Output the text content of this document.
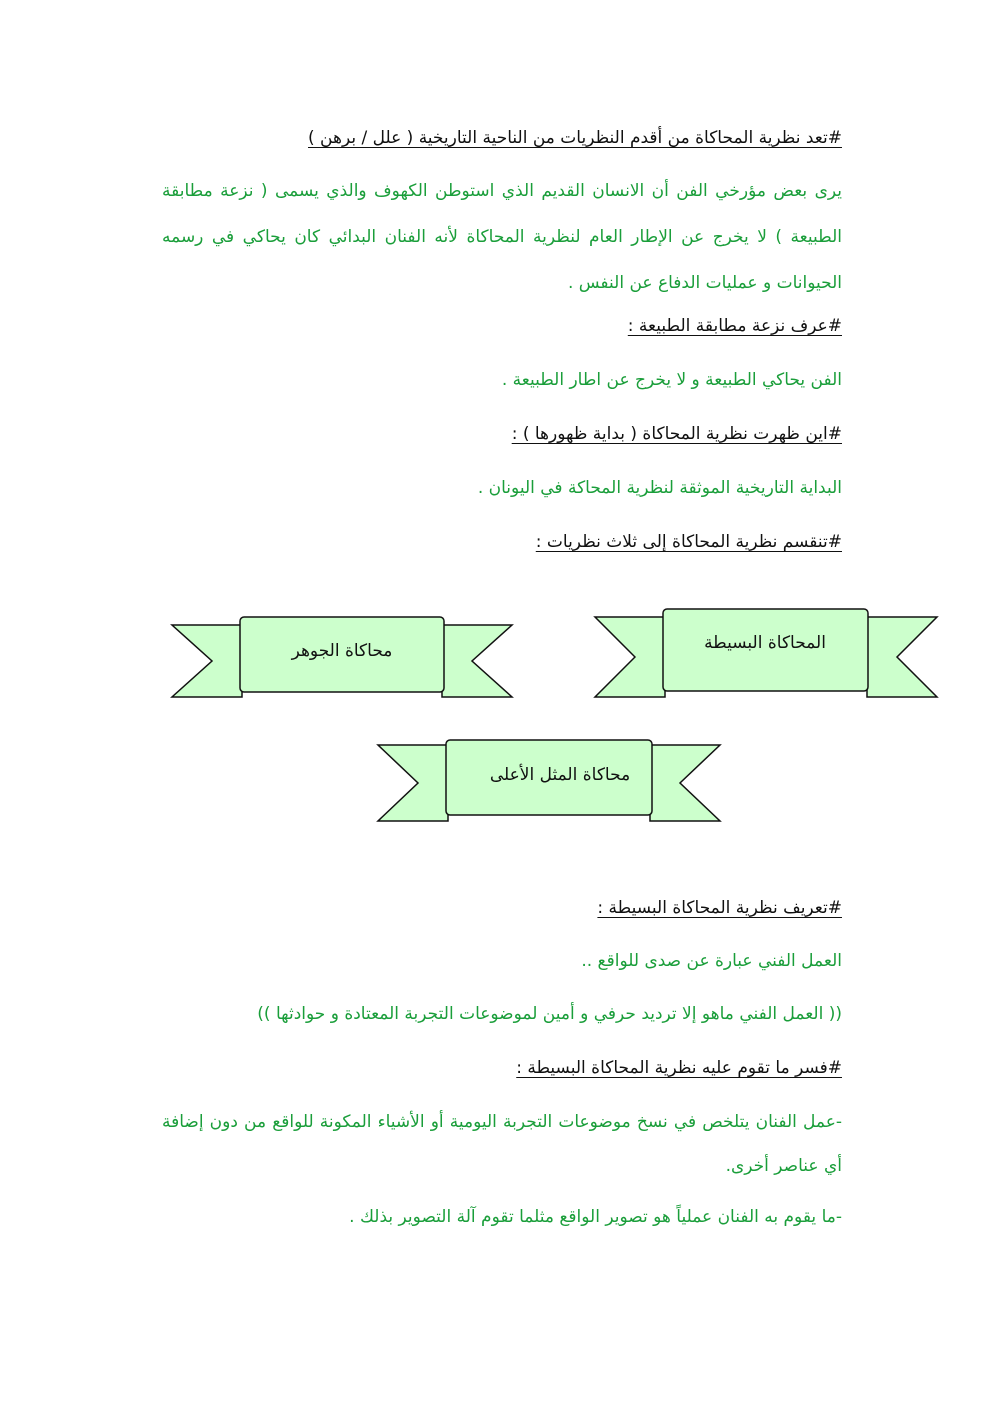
#تعد نظرية المحاكاة من أقدم النظريات من الناحية التاريخية ( علل / برهن )
يرى بعض مؤرخي الفن أن الانسان القديم الذي استوطن الكهوف والذي يسمى ( نزعة مطابقة الطبيعة ) لا يخرج عن الإطار العام لنظرية المحاكاة لأنه الفنان البدائي كان يحاكي في رسمه الحيوانات و عمليات الدفاع عن النفس .
#عرف نزعة مطابقة الطبيعة :
الفن يحاكي الطبيعة و لا يخرج عن اطار الطبيعة .
#اين ظهرت نظرية المحاكاة ( بداية ظهورها ) :
البداية التاريخية الموثقة لنظرية المحاكة في اليونان .
#تنقسم نظرية المحاكاة إلى ثلاث نظريات :
المحاكاة البسيطة
محاكاة الجوهر
محاكاة المثل الأعلى
#تعريف نظرية المحاكاة البسيطة :
العمل الفني عبارة عن صدى للواقع ..
(( العمل الفني ماهو إلا ترديد حرفي و أمين لموضوعات التجربة المعتادة و حوادثها ))
#فسر ما تقوم عليه نظرية المحاكاة البسيطة :
-عمل الفنان يتلخص في نسخ موضوعات التجربة اليومية أو الأشياء المكونة للواقع من دون إضافة أي عناصر أخرى.
-ما يقوم به الفنان عملياً هو تصوير الواقع مثلما تقوم آلة التصوير بذلك .
